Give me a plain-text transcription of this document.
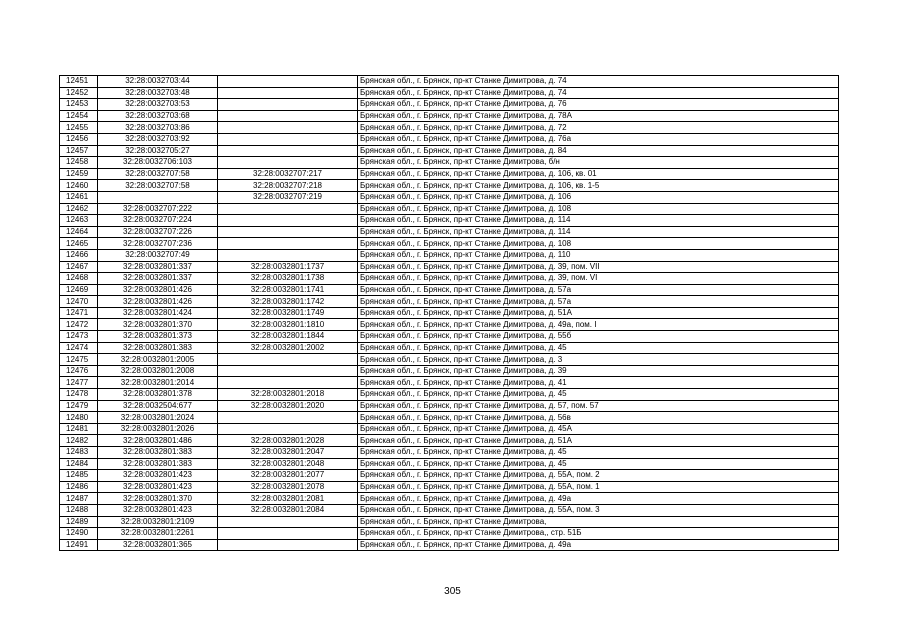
12451	32:28:0032703:44		Брянская обл., г. Брянск, пр-кт Станке Димитрова, д. 74
12452	32:28:0032703:48		Брянская обл., г. Брянск, пр-кт Станке Димитрова, д. 74
12453	32:28:0032703:53		Брянская обл., г. Брянск, пр-кт Станке Димитрова, д. 76
12454	32:28:0032703:68		Брянская обл., г. Брянск, пр-кт Станке Димитрова, д. 78А
12455	32:28:0032703:86		Брянская обл., г. Брянск, пр-кт Станке Димитрова, д. 72
12456	32:28:0032703:92		Брянская обл., г. Брянск, пр-кт Станке Димитрова, д. 76а
12457	32:28:0032705:27		Брянская обл., г. Брянск, пр-кт Станке Димитрова, д. 84
12458	32:28:0032706:103		Брянская обл., г. Брянск, пр-кт Станке Димитрова, б/н
12459	32:28:0032707:58	32:28:0032707:217	Брянская обл., г. Брянск, пр-кт Станке Димитрова, д. 106, кв. 01
12460	32:28:0032707:58	32:28:0032707:218	Брянская обл., г. Брянск, пр-кт Станке Димитрова, д. 106, кв. 1-5
12461		32:28:0032707:219	Брянская обл., г. Брянск, пр-кт Станке Димитрова, д. 106
12462	32:28:0032707:222		Брянская обл., г. Брянск, пр-кт Станке Димитрова, д. 108
12463	32:28:0032707:224		Брянская обл., г. Брянск, пр-кт Станке Димитрова, д. 114
12464	32:28:0032707:226		Брянская обл., г. Брянск, пр-кт Станке Димитрова, д. 114
12465	32:28:0032707:236		Брянская обл., г. Брянск, пр-кт Станке Димитрова, д. 108
12466	32:28:0032707:49		Брянская обл., г. Брянск, пр-кт Станке Димитрова, д. 110
12467	32:28:0032801:337	32:28:0032801:1737	Брянская обл., г. Брянск, пр-кт Станке Димитрова, д. 39, пом. VII
12468	32:28:0032801:337	32:28:0032801:1738	Брянская обл., г. Брянск, пр-кт Станке Димитрова, д. 39, пом. VI
12469	32:28:0032801:426	32:28:0032801:1741	Брянская обл., г. Брянск, пр-кт Станке Димитрова, д. 57а
12470	32:28:0032801:426	32:28:0032801:1742	Брянская обл., г. Брянск, пр-кт Станке Димитрова, д. 57а
12471	32:28:0032801:424	32:28:0032801:1749	Брянская обл., г. Брянск, пр-кт Станке Димитрова, д. 51А
12472	32:28:0032801:370	32:28:0032801:1810	Брянская обл., г. Брянск, пр-кт Станке Димитрова, д. 49а, пом. I
12473	32:28:0032801:373	32:28:0032801:1844	Брянская обл., г. Брянск, пр-кт Станке Димитрова, д. 55б
12474	32:28:0032801:383	32:28:0032801:2002	Брянская обл., г. Брянск, пр-кт Станке Димитрова, д. 45
12475	32:28:0032801:2005		Брянская обл., г. Брянск, пр-кт Станке Димитрова, д. 3
12476	32:28:0032801:2008		Брянская обл., г. Брянск, пр-кт Станке Димитрова, д. 39
12477	32:28:0032801:2014		Брянская обл., г. Брянск, пр-кт Станке Димитрова, д. 41
12478	32:28:0032801:378	32:28:0032801:2018	Брянская обл., г. Брянск, пр-кт Станке Димитрова, д. 45
12479	32:28:0032504:677	32:28:0032801:2020	Брянская обл., г. Брянск, пр-кт Станке Димитрова, д. 57, пом. 57
12480	32:28:0032801:2024		Брянская обл., г. Брянск, пр-кт Станке Димитрова, д. 56в
12481	32:28:0032801:2026		Брянская обл., г. Брянск, пр-кт Станке Димитрова, д. 45А
12482	32:28:0032801:486	32:28:0032801:2028	Брянская обл., г. Брянск, пр-кт Станке Димитрова, д. 51А
12483	32:28:0032801:383	32:28:0032801:2047	Брянская обл., г. Брянск, пр-кт Станке Димитрова, д. 45
12484	32:28:0032801:383	32:28:0032801:2048	Брянская обл., г. Брянск, пр-кт Станке Димитрова, д. 45
12485	32:28:0032801:423	32:28:0032801:2077	Брянская обл., г. Брянск, пр-кт Станке Димитрова, д. 55А, пом. 2
12486	32:28:0032801:423	32:28:0032801:2078	Брянская обл., г. Брянск, пр-кт Станке Димитрова, д. 55А, пом. 1
12487	32:28:0032801:370	32:28:0032801:2081	Брянская обл., г. Брянск, пр-кт Станке Димитрова, д. 49а
12488	32:28:0032801:423	32:28:0032801:2084	Брянская обл., г. Брянск, пр-кт Станке Димитрова, д. 55А, пом. 3
12489	32:28:0032801:2109		Брянская обл., г. Брянск, пр-кт Станке Димитрова,
12490	32:28:0032801:2261		Брянская обл., г. Брянск, пр-кт Станке Димитрова,, стр. 51Б
12491	32:28:0032801:365		Брянская обл., г. Брянск, пр-кт Станке Димитрова, д. 49а
305
